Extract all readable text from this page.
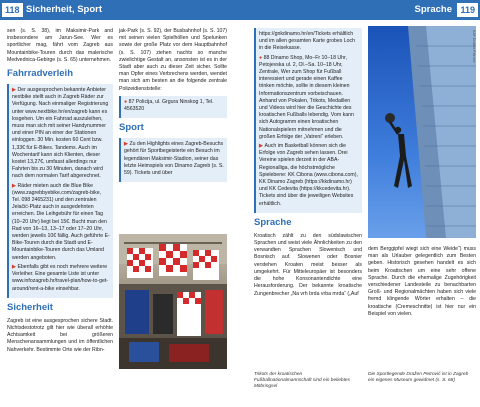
118 Sicherheit, Sport	Sprache 119

sen (s. S. 38), im Maksimir-Park and insbesondere am Jarun-See. Wer es sportlicher mag, fährt vom Zagreb aus Mountainbike-Touren durch das malerische Medvednica-Gebirge (s. S. 65) unternehmen.

Fahrradverleih

▶ Der ausgesprochen bekannte Anbieter nextbike stellt auch in Zagreb Räder zur Verfügung. Nach einmaliger Registrierung unter www.nextbike.hr/en/zagreb kann es losgehen. Um ein Fahrrad auszuleihen, muss man sich mit seiner Handynummer und einer PIN an einer der Stationen einloggen. 30 Min. kosten 60 Cent bzw. 1,33€ für E-Bikes. Tandems. Auch im Wochentarif kann sich Klienten, dieser kostet 13,27€, umfasst allerdings nur Fahrten bis zu 30 Minuten, danach wird nach dem normalen Tarif abgerechnet.

▶ Räder mieten auch die Blue Bike (www.zagrebbyebike.com/zagreb-bike, Tel. 098 2465231) und den zentralen Jelačić-Platz auch in ausgedehnten erreichen. Die Leihgebühr für einen Tag (10–20 Uhr) liegt bei 15€. Bucht man den Rad von 16–13, 13–17 oder 17–20 Uhr, werden jeweils 10€ fällig. Auch geführte E-Bike-Touren durch die Stadt und E-Mountainbike-Touren durch das Umland werden angeboten.

▶ Ebenfalls gibt es noch mehrere weitere Verleiher. Eine gesamte Liste ist unter www.infozagreb.hr/travel-plan/how-to-get-around/rent-a-bike einsehbar.

Sicherheit

Zagreb ist eine ausgesprochen sichere Stadt. Nichtsdestotrotz gilt hier wie überall erhöhte Achtsamkeit bei größeren Menschenansammlungen und im öffentlichen Nahverkehr. Bestimmte Orte wie der Ribn-

jak-Park (s. S. 92), der Busbahnhof (s. S. 107) mit seinen vielen Spielhöllen und Spelunken sowie der große Platz vor dem Hauptbahnhof (s. S. 107) ziehen nachts so manche zwielichtige Gestalt an, ansonsten ist es in der Stadt aber auch zu dieser Zeit sicher. Sollte man Opfer eines Verbrechens werden, wendet man sich am besten an die folgende zentrale Polizeidienststelle:

● 87 Policija, ul. Grgura Ninskog 1, Tel. 4563520

Sport

▶ Zu den Highlights eines Zagreb-Besuchs gehört für Sportbegeisterte ein Besuch im legendären Maksimir-Stadion, seiner das letzte Heimspiels von Dinamo Zagreb (s. S. 59). Tickets und über

https://gnkdinamo.hr/en/Tickets erhältlich und im allen gesamten Karte grobes Loch in die Reisekasse.

● 88 Dinamo Shop, Mo–Fr 10–18 Uhr, Petojevska ul. 2, Ol.–Sa. 10–18 Uhr, Zentrale, Wer zum Shop für Fußball interessiert und gerade einen Kaffee trinken möchte, sollte in diesem kleinen Informationszentrum vorbeischauen. Anhand von Pokalen, Trikots, Medaillen und Videos wird hier die Geschichte des kroatischen Fußballs lebendig. Vom kann sich Autogramm einen kroatischen Nationalspielern mitnehmen und die großen Erfolge der „Vatreni“ erleben.

▶ Auch im Basketball können sich die Erfolge von Zagreb sehen lassen. Drei Vereine spielen derzeit in der ABA-Regionalliga, die höchstmögliche Spielebene: KK Cibona (www.cibona.com), KK Dinamo Zagreb (https://kkdinamo.hr) und KK Cedevita (https://kkcedevita.hr). Tickets sind über die jeweiligen Websites erhältlich.

Sprache

Kroatisch zählt zu den südslawischen Sprachen und weist viele Ähnlichkeiten zu den verwandten Sprachen Slowenisch und Bosnisch auf. Slowenen oder Bosnier verstehen Kroaten meist besser als umgekehrt. Für Mitteleuropäer ist besonders die hohe Konsonantendichte eine Herausforderung. Der bekannte kroatische Zungenbrecher „Na vrh brda vrba mrda“ („Auf

KAP Dražen Petrović

dem Berggipfel wiegt sich eine Weide“) muss man als Urlauber gelegentlich zum Besten geben. Historisch gesehen handelt es sich beim Kroatischen um eine sehr offene Sprache. Durch die ehemalige Zugehörigkeit verschiedener Landesteile zu benachbarten Groß- und Regionalmächten haben sich viele fremd klingende Wörter erhalten – die kroatische (Cremeschnitte) ist hier nur ein Beispiel von vielen.

Trikots der kroatischen Fußballnationalmannschaft sind ein beliebtes Mitbringsel
Die Sportlegende Dražen Petrović ist in Zagreb ein eigenes Museum gewidmet (s. S. 68)
